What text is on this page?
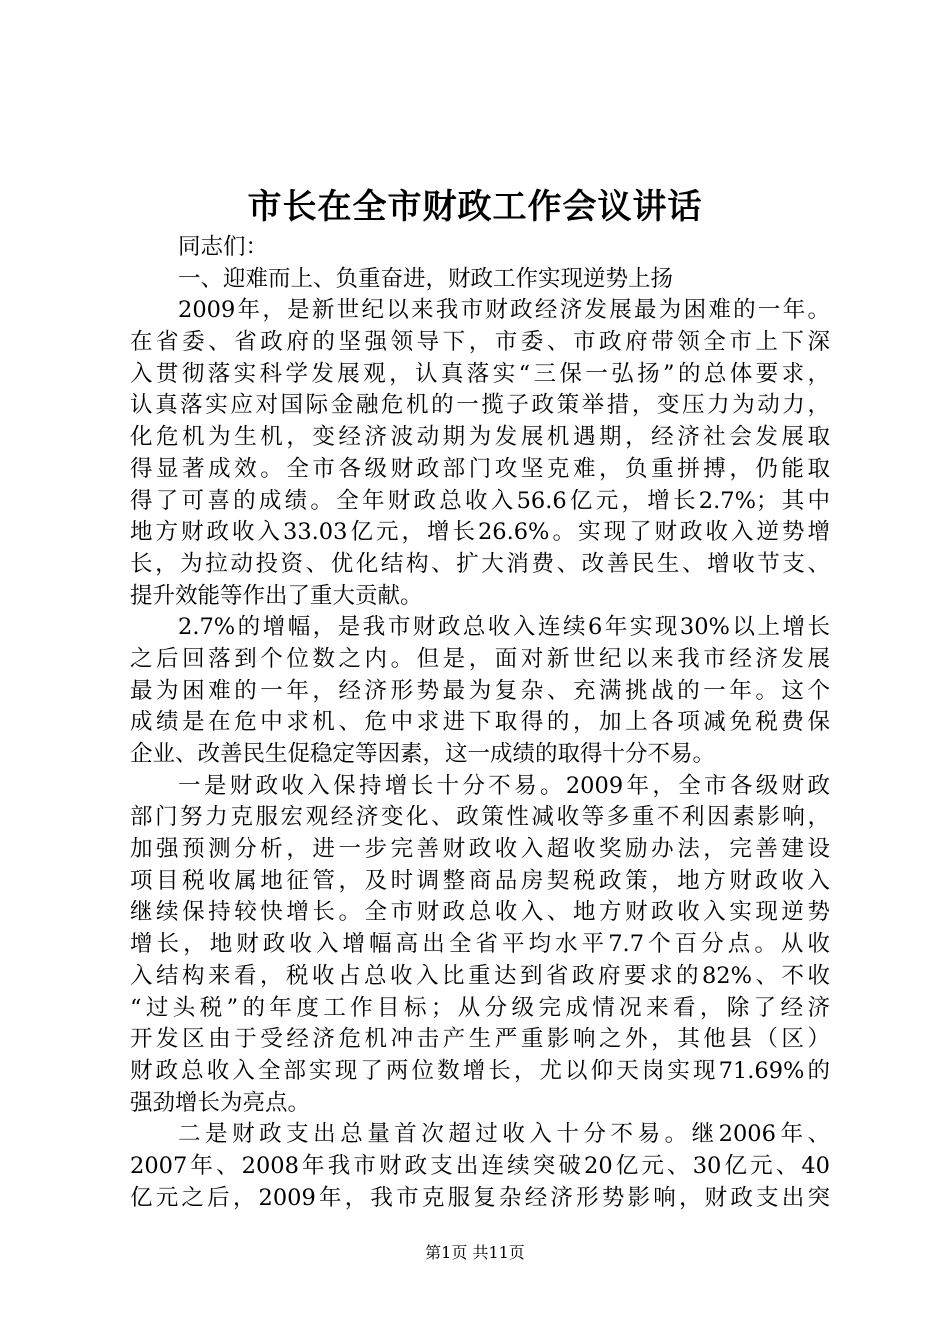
市长在全市财政工作会议讲话
同志们：
一、迎难而上、负重奋进，财政工作实现逆势上扬
2009年，是新世纪以来我市财政经济发展最为困难的一年。
在省委、省政府的坚强领导下，市委、市政府带领全市上下深
入贯彻落实科学发展观，认真落实“三保一弘扬”的总体要求，
认真落实应对国际金融危机的一揽子政策举措，变压力为动力，
化危机为生机，变经济波动期为发展机遇期，经济社会发展取
得显著成效。全市各级财政部门攻坚克难，负重拼搏，仍能取
得了可喜的成绩。全年财政总收入56.6亿元，增长2.7%；其中
地方财政收入33.03亿元，增长26.6%。实现了财政收入逆势增
长，为拉动投资、优化结构、扩大消费、改善民生、增收节支、
提升效能等作出了重大贡献。
2.7%的增幅，是我市财政总收入连续6年实现30%以上增长
之后回落到个位数之内。但是，面对新世纪以来我市经济发展
最为困难的一年，经济形势最为复杂、充满挑战的一年。这个
成绩是在危中求机、危中求进下取得的，加上各项减免税费保
企业、改善民生促稳定等因素，这一成绩的取得十分不易。
一是财政收入保持增长十分不易。2009年，全市各级财政
部门努力克服宏观经济变化、政策性减收等多重不利因素影响，
加强预测分析，进一步完善财政收入超收奖励办法，完善建设
项目税收属地征管，及时调整商品房契税政策，地方财政收入
继续保持较快增长。全市财政总收入、地方财政收入实现逆势
增长，地财政收入增幅高出全省平均水平7.7个百分点。从收
入结构来看，税收占总收入比重达到省政府要求的82%、不收
“过头税”的年度工作目标；从分级完成情况来看，除了经济
开发区由于受经济危机冲击产生严重影响之外，其他县（区）
财政总收入全部实现了两位数增长，尤以仰天岗实现71.69%的
强劲增长为亮点。
二是财政支出总量首次超过收入十分不易。继2006年、
2007年、2008年我市财政支出连续突破20亿元、30亿元、40
亿元之后，2009年，我市克服复杂经济形势影响，财政支出突
第1页 共11页
